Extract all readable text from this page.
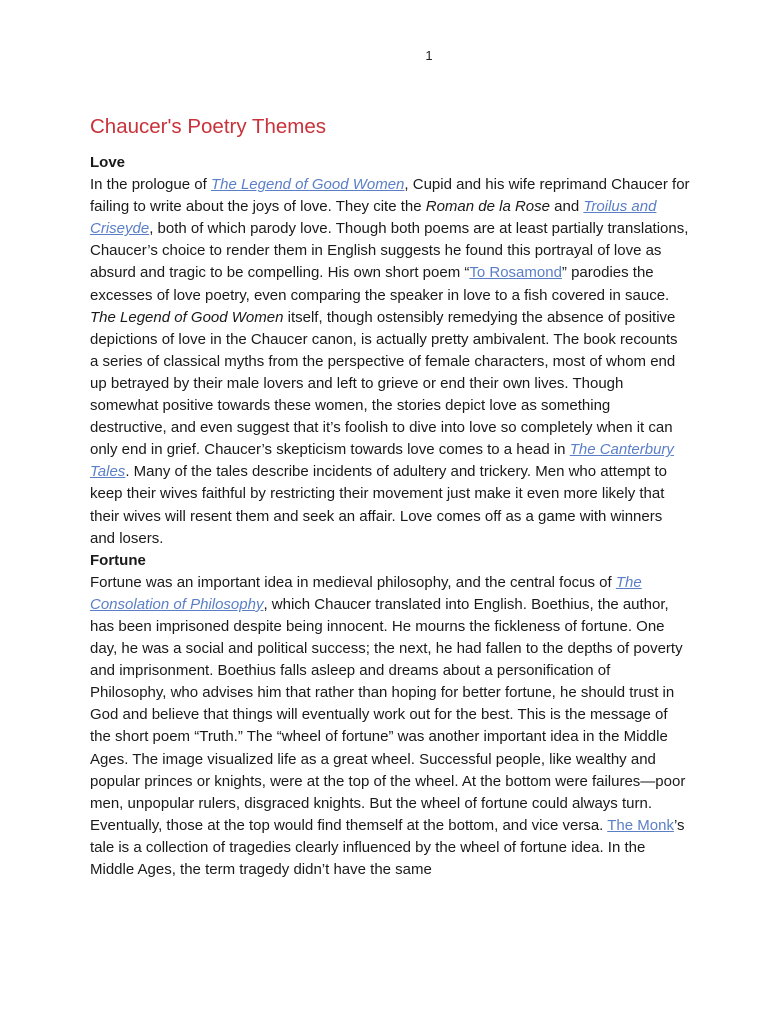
1
Chaucer's Poetry Themes
Love

In the prologue of The Legend of Good Women, Cupid and his wife reprimand Chaucer for failing to write about the joys of love. They cite the Roman de la Rose and Troilus and Criseyde, both of which parody love. Though both poems are at least partially translations, Chaucer’s choice to render them in English suggests he found this portrayal of love as absurd and tragic to be compelling. His own short poem “To Rosamond” parodies the excesses of love poetry, even comparing the speaker in love to a fish covered in sauce. The Legend of Good Women itself, though ostensibly remedying the absence of positive depictions of love in the Chaucer canon, is actually pretty ambivalent. The book recounts a series of classical myths from the perspective of female characters, most of whom end up betrayed by their male lovers and left to grieve or end their own lives. Though somewhat positive towards these women, the stories depict love as something destructive, and even suggest that it’s foolish to dive into love so completely when it can only end in grief. Chaucer’s skepticism towards love comes to a head in The Canterbury Tales. Many of the tales describe incidents of adultery and trickery. Men who attempt to keep their wives faithful by restricting their movement just make it even more likely that their wives will resent them and seek an affair. Love comes off as a game with winners and losers.

Fortune

Fortune was an important idea in medieval philosophy, and the central focus of The Consolation of Philosophy, which Chaucer translated into English. Boethius, the author, has been imprisoned despite being innocent. He mourns the fickleness of fortune. One day, he was a social and political success; the next, he had fallen to the depths of poverty and imprisonment. Boethius falls asleep and dreams about a personification of Philosophy, who advises him that rather than hoping for better fortune, he should trust in God and believe that things will eventually work out for the best. This is the message of the short poem “Truth.” The “wheel of fortune” was another important idea in the Middle Ages. The image visualized life as a great wheel. Successful people, like wealthy and popular princes or knights, were at the top of the wheel. At the bottom were failures—poor men, unpopular rulers, disgraced knights. But the wheel of fortune could always turn. Eventually, those at the top would find themself at the bottom, and vice versa. The Monk’s tale is a collection of tragedies clearly influenced by the wheel of fortune idea. In the Middle Ages, the term tragedy didn’t have the same
